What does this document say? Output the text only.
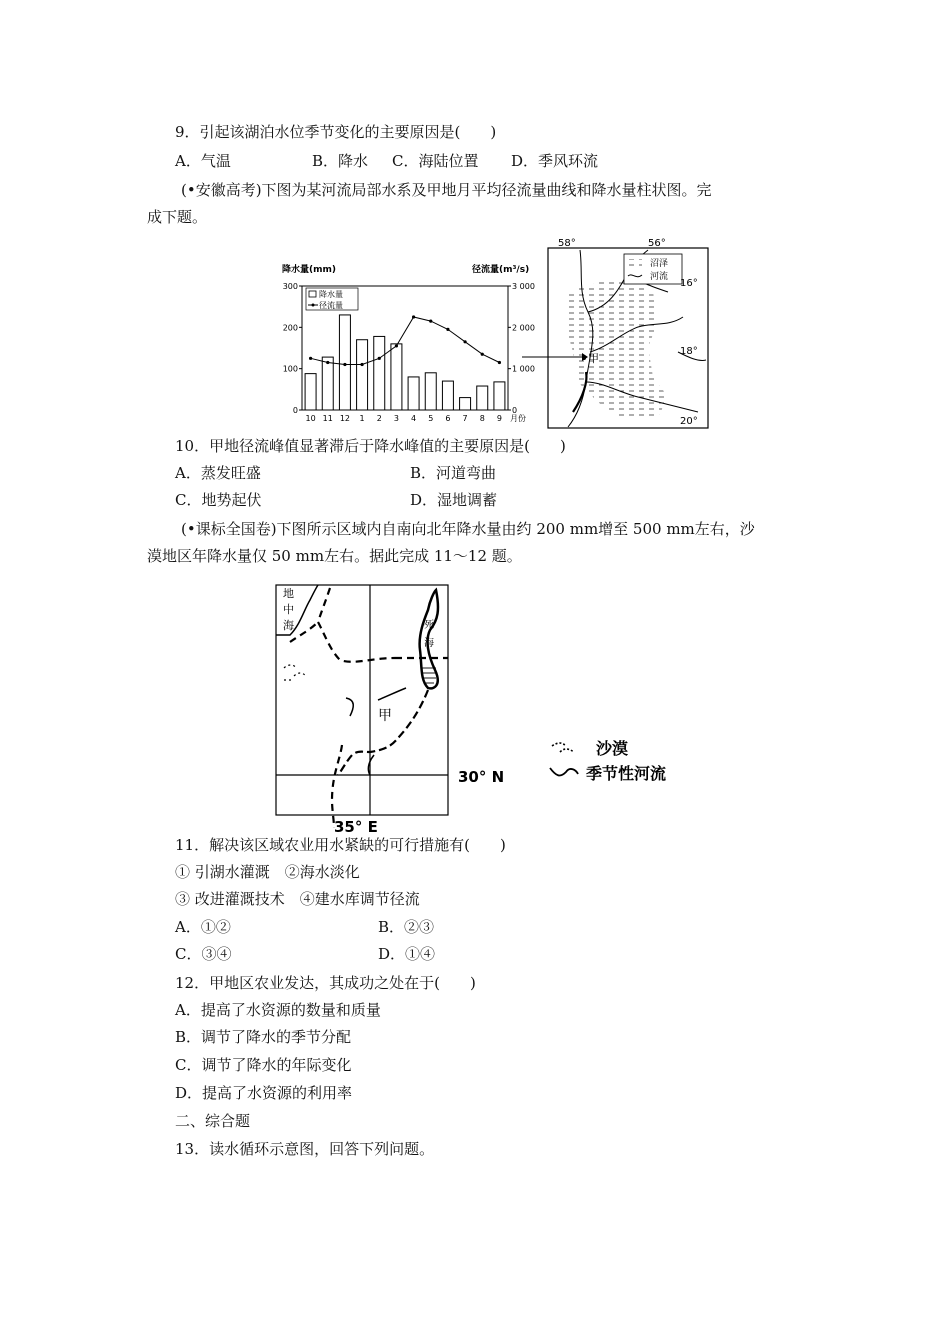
9．引起该湖泊水位季节变化的主要原因是(　　)
A．气温	B．降水 C．海陆位置 D．季风环流
(•安徽高考)下图为某河流局部水系及甲地月平均径流量曲线和降水量柱状图。完
成下题。
降水量(mm)	径流量(m³/s)
0	0
100	1 000
200	2 000
300	3 000
10 11 12 1 2 3 4 5 6 7 8 9 月份
降水量
径流量
沼泽
河流
58°	56°
16°
18°
20°
甲
10．甲地径流峰值显著滞后于降水峰值的主要原因是(　　)
A．蒸发旺盛	B．河道弯曲
C．地势起伏	D．湿地调蓄
(•课标全国卷)下图所示区域内自南向北年降水量由约 200 mm增至 500 mm左右，沙
漠地区年降水量仅 50 mm左右。据此完成 11～12 题。
地
中
海	死
海
甲
30° N
35° E
沙漠
季节性河流
11．解决该区域农业用水紧缺的可行措施有(　　)
① 引湖水灌溉　②海水淡化
③ 改进灌溉技术　④建水库调节径流
A．①②	B．②③
C．③④	D．①④
12．甲地区农业发达，其成功之处在于(　　)
A．提高了水资源的数量和质量
B．调节了降水的季节分配
C．调节了降水的年际变化
D．提高了水资源的利用率
二、综合题
13．读水循环示意图，回答下列问题。
